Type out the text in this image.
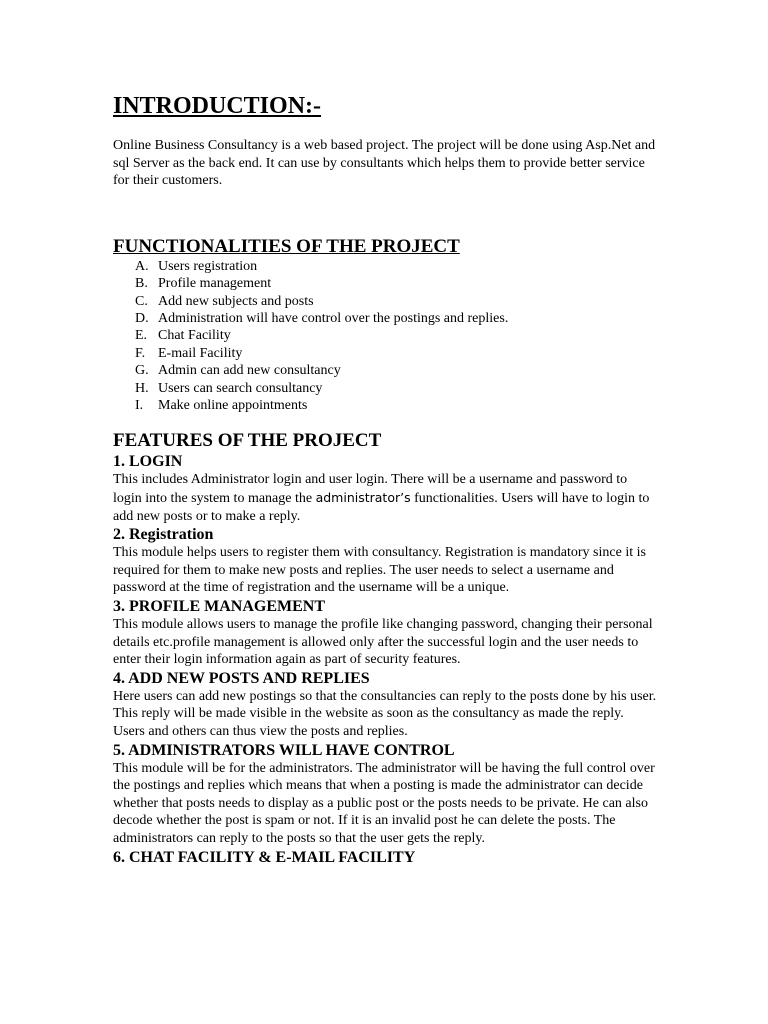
INTRODUCTION:-

Online Business Consultancy is a web based project. The project will be done using Asp.Net and sql Server as the back end. It can use by consultants which helps them to provide better service for their customers.

FUNCTIONALITIES OF THE PROJECT
A. Users registration
B. Profile management
C. Add new subjects and posts
D. Administration will have control over the postings and replies.
E. Chat Facility
F. E-mail Facility
G. Admin can add new consultancy
H. Users can search consultancy
I.	Make online appointments
FEATURES OF THE PROJECT
1. LOGIN

This includes Administrator login and user login. There will be a username and password to login into the system to manage the administrator’s functionalities. Users will have to login to add new posts or to make a reply.

2. Registration

This module helps users to register them with consultancy. Registration is mandatory since it is required for them to make new posts and replies. The user needs to select a username and password at the time of registration and the username will be a unique.

3. PROFILE MANAGEMENT

This module allows users to manage the profile like changing password, changing their personal details etc.profile management is allowed only after the successful login and the user needs to enter their login information again as part of security features.

4. ADD NEW POSTS AND REPLIES

Here users can add new postings so that the consultancies can reply to the posts done by his user. This reply will be made visible in the website as soon as the consultancy as made the reply. Users and others can thus view the posts and replies.

5. ADMINISTRATORS WILL HAVE CONTROL

This module will be for the administrators. The administrator will be having the full control over the postings and replies which means that when a posting is made the administrator can decide whether that posts needs to display as a public post or the posts needs to be private. He can also decode whether the post is spam or not. If it is an invalid post he can delete the posts. The administrators can reply to the posts so that the user gets the reply.

6. CHAT FACILITY & E-MAIL FACILITY
